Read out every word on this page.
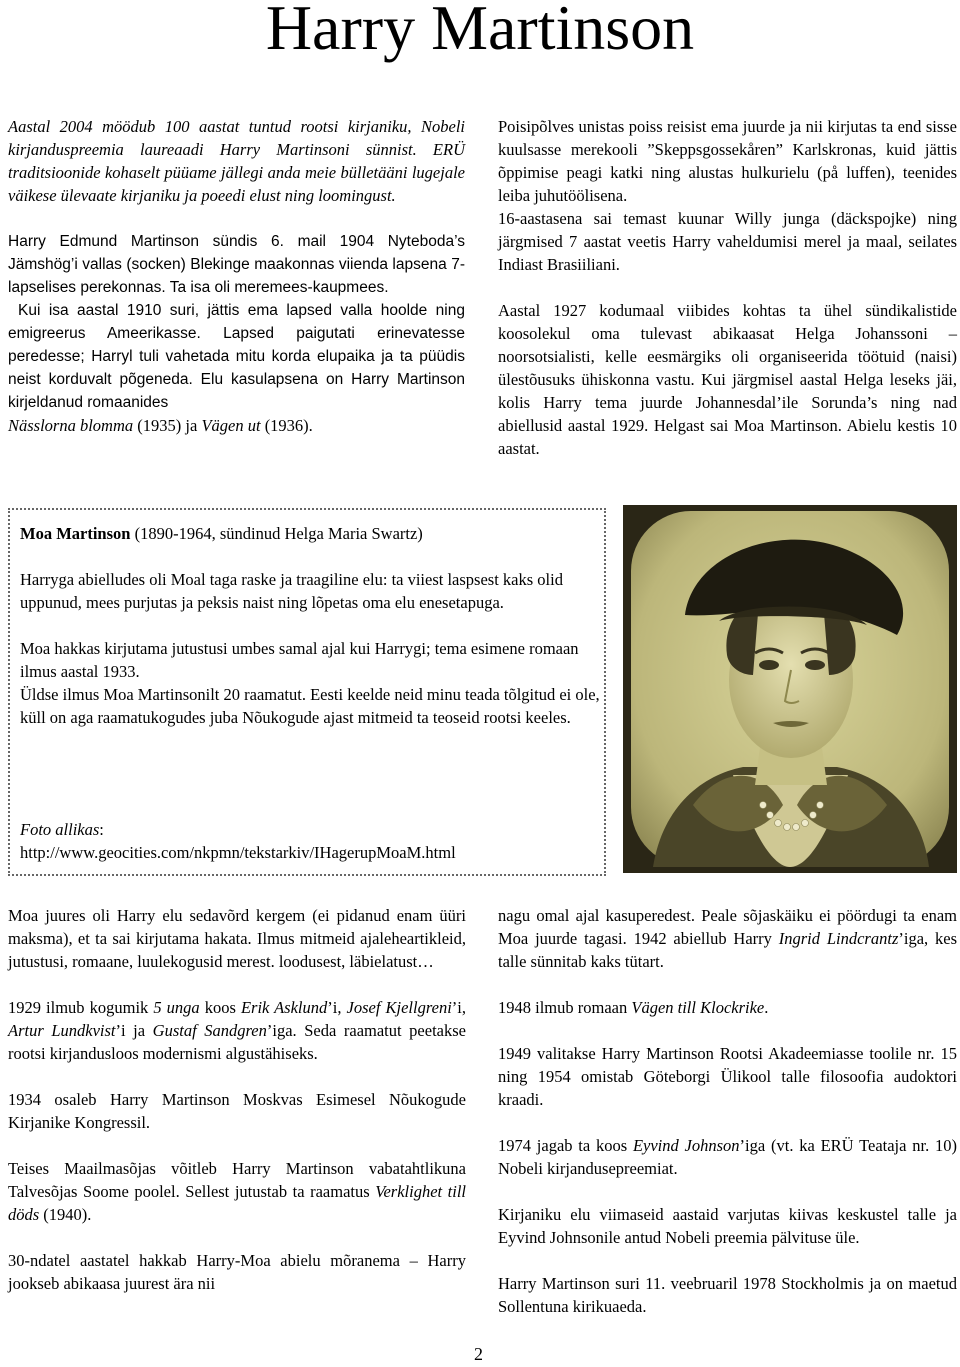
Harry Martinson

Aastal 2004 möödub 100 aastat tuntud rootsi kirjaniku, Nobeli kirjanduspreemia laureaadi Harry Martinsoni sünnist. ERÜ traditsioonide kohaselt püüame jällegi anda meie bülletääni lugejale väikese ülevaate kirjaniku ja poeedi elust ning loomingust.

Harry Edmund Martinson sündis 6. mail 1904 Nyteboda’s Jämshög’i vallas (socken) Blekinge maakonnas viienda lapsena 7-lapselises perekonnas. Ta isa oli meremees-kaupmees.

Kui isa aastal 1910 suri, jättis ema lapsed valla hoolde ning emigreerus Ameerikasse. Lapsed paigutati erinevatesse peredesse; Harryl tuli vahetada mitu korda elupaika ja ta püüdis neist korduvalt põgeneda. Elu kasulapsena on Harry Martinson kirjeldanud romaanides

Nässlorna blomma (1935) ja Vägen ut (1936).

Poisipõlves unistas poiss reisist ema juurde ja nii kirjutas ta end sisse kuulsasse merekooli ”Skeppsgossekåren” Karlskronas, kuid jättis õppimise peagi katki ning alustas hulkurielu (på luffen), teenides leiba juhutöölisena.

16-aastasena sai temast kuunar Willy junga (däckspojke) ning järgmised 7 aastat veetis Harry vaheldumisi merel ja maal, seilates Indiast Brasiiliani.

Aastal 1927 kodumaal viibides kohtas ta ühel sündikalistide koosolekul oma tulevast abikaasat Helga Johanssoni – noorsotsialisti, kelle eesmärgiks oli organiseerida töötuid (naisi) ülestõusuks ühiskonna vastu. Kui järgmisel aastal Helga leseks jäi, kolis Harry tema juurde Johannesdal’ile Sorunda’s ning nad abiellusid aastal 1929. Helgast sai Moa Martinson. Abielu kestis 10 aastat.

Moa Martinson (1890-1964, sündinud Helga Maria Swartz)

Harryga abielludes oli Moal taga raske ja traagiline elu: ta viiest laspsest kaks olid uppunud, mees purjutas ja peksis naist ning lõpetas oma elu enesetapuga.

Moa hakkas kirjutama jutustusi umbes samal ajal kui Harrygi; tema esimene romaan ilmus aastal 1933.

Üldse ilmus Moa Martinsonilt 20 raamatut. Eesti keelde neid minu teada tõlgitud ei ole, küll on aga raamatukogudes juba Nõukogude ajast mitmeid ta teoseid rootsi keeles.

Foto allikas:

http://www.geocities.com/nkpmn/tekstarkiv/IHagerupMoaM.html

Moa juures oli Harry elu sedavõrd kergem (ei pidanud enam üüri maksma), et ta sai kirjutama hakata. Ilmus mitmeid ajaleheartikleid, jutustusi, romaane, luulekogusid merest. loodusest, läbielatust…

1929 ilmub kogumik 5 unga koos Erik Asklund’i, Josef Kjellgreni’i, Artur Lundkvist’i ja Gustaf Sandgren’iga. Seda raamatut peetakse rootsi kirjandusloos modernismi algustähiseks.

1934 osaleb Harry Martinson Moskvas Esimesel Nõukogude Kirjanike Kongressil.

Teises Maailmasõjas võitleb Harry Martinson vabatahtlikuna Talvesõjas Soome poolel. Sellest jutustab ta raamatus Verklighet till döds (1940).

30-ndatel aastatel hakkab Harry-Moa abielu mõranema – Harry jookseb abikaasa juurest ära nii

nagu omal ajal kasuperedest. Peale sõjaskäiku ei pöördugi ta enam Moa juurde tagasi. 1942 abiellub Harry Ingrid Lindcrantz’iga, kes talle sünnitab kaks tütart.

1948 ilmub romaan Vägen till Klockrike.

1949 valitakse Harry Martinson Rootsi Akadeemiasse toolile nr. 15 ning 1954 omistab Göteborgi Ülikool talle filosoofia audoktori kraadi.

1974 jagab ta koos Eyvind Johnson’iga (vt. ka ERÜ Teataja nr. 10) Nobeli kirjandusepreemiat.

Kirjaniku elu viimaseid aastaid varjutas kiivas keskustel talle ja Eyvind Johnsonile antud Nobeli preemia pälvituse üle.

Harry Martinson suri 11. veebruaril 1978 Stockholmis ja on maetud Sollentuna kirikuaeda.

2
